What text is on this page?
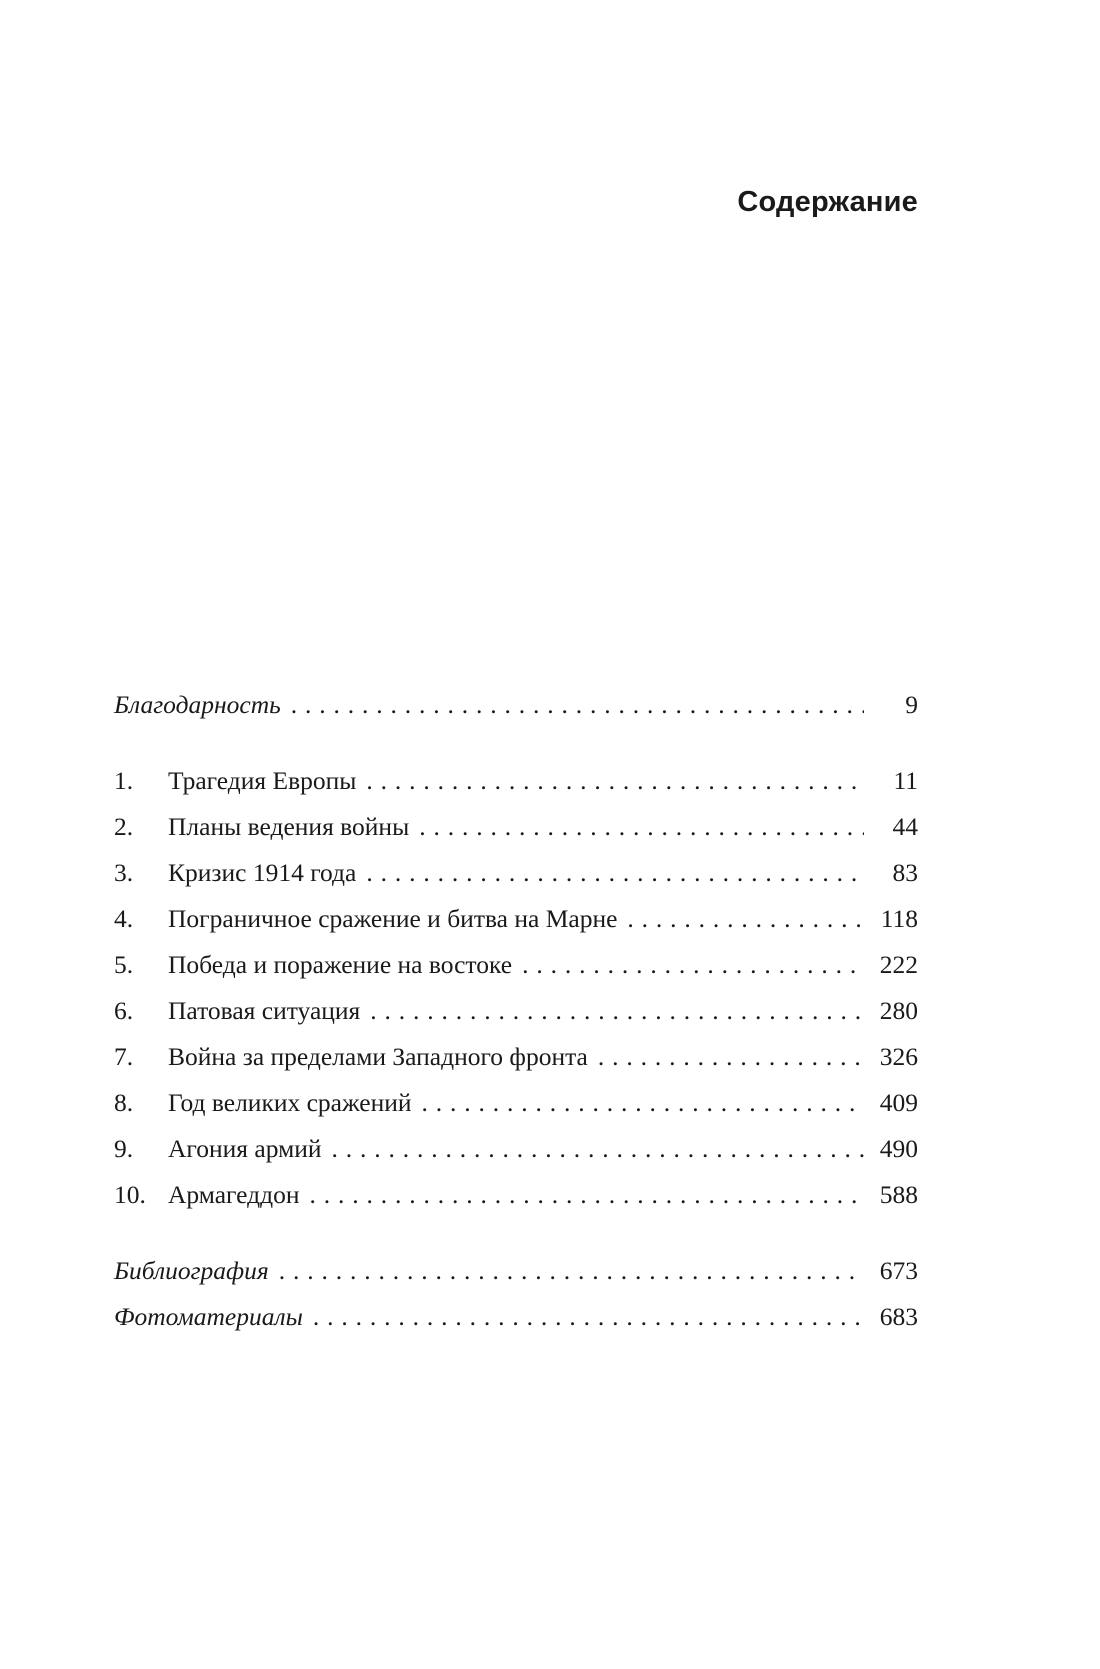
Содержание
Благодарность . . .	9
1.	Трагедия Европы . . .	11
2.	Планы ведения войны . . .	44
3.	Кризис 1914 года . . .	83
4.	Пограничное сражение и битва на Марне . . .	118
5.	Победа и поражение на востоке . . .	222
6.	Патовая ситуация . . .	280
7.	Война за пределами Западного фронта . . .	326
8.	Год великих сражений . . .	409
9.	Агония армий . . .	490
10. Армагеддон . . .	588
Библиография . . .	673
Фотоматериалы . . .	683
